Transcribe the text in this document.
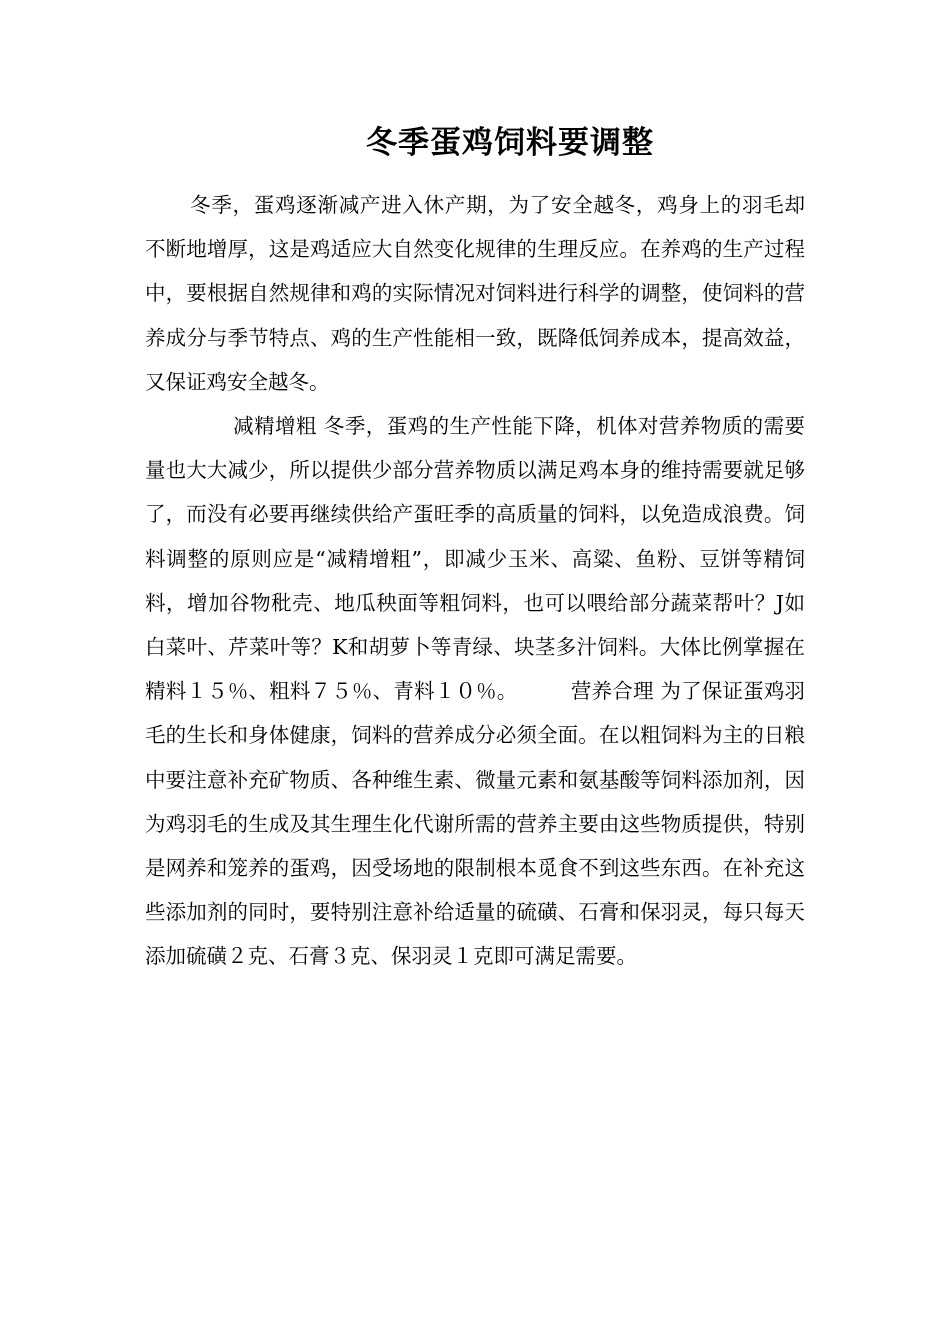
冬季蛋鸡饲料要调整

冬季，蛋鸡逐渐减产进入休产期，为了安全越冬，鸡身上的羽毛却不断地增厚，这是鸡适应大自然变化规律的生理反应。在养鸡的生产过程中，要根据自然规律和鸡的实际情况对饲料进行科学的调整，使饲料的营养成分与季节特点、鸡的生产性能相一致，既降低饲养成本，提高效益，又保证鸡安全越冬。

减精增粗 冬季，蛋鸡的生产性能下降，机体对营养物质的需要量也大大减少，所以提供少部分营养物质以满足鸡本身的维持需要就足够了，而没有必要再继续供给产蛋旺季的高质量的饲料，以免造成浪费。饲料调整的原则应是“减精增粗”，即减少玉米、高粱、鱼粉、豆饼等精饲料，增加谷物秕壳、地瓜秧面等粗饲料，也可以喂给部分蔬菜帮叶？J如白菜叶、芹菜叶等？K和胡萝卜等青绿、块茎多汁饲料。大体比例掌握在精料１５％、粗料７５％、青料１０％。	营养合理 为了保证蛋鸡羽毛的生长和身体健康，饲料的营养成分必须全面。在以粗饲料为主的日粮中要注意补充矿物质、各种维生素、微量元素和氨基酸等饲料添加剂，因为鸡羽毛的生成及其生理生化代谢所需的营养主要由这些物质提供，特别是网养和笼养的蛋鸡，因受场地的限制根本觅食不到这些东西。在补充这些添加剂的同时，要特别注意补给适量的硫磺、石膏和保羽灵，每只每天添加硫磺２克、石膏３克、保羽灵１克即可满足需要。
